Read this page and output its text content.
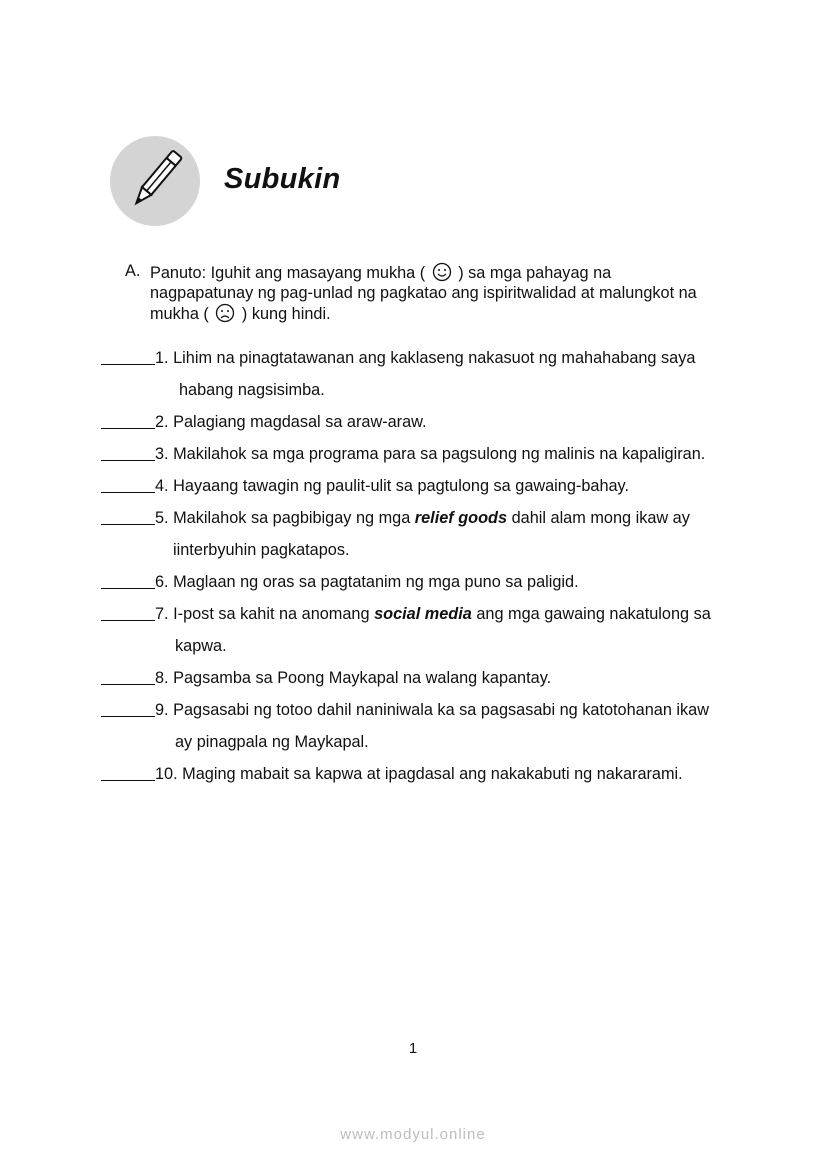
Subukin
A. Panuto: Iguhit ang masayang mukha ( ) sa mga pahayag na
nagpapatunay ng pag-unlad ng pagkatao ang ispiritwalidad at malungkot na
mukha ( ) kung hindi.
1. Lihim na pinagtatawanan ang kaklaseng nakasuot ng mahahabang saya
habang nagsisimba.
2. Palagiang magdasal sa araw-araw.
3. Makilahok sa mga programa para sa pagsulong ng malinis na kapaligiran.
4. Hayaang tawagin ng paulit-ulit sa pagtulong sa gawaing-bahay.
5. Makilahok sa pagbibigay ng mga relief goods dahil alam mong ikaw ay
iinterbyuhin pagkatapos.
6. Maglaan ng oras sa pagtatanim ng mga puno sa paligid.
7. I-post sa kahit na anomang social media ang mga gawaing nakatulong sa
kapwa.
8. Pagsamba sa Poong Maykapal na walang kapantay.
9. Pagsasabi ng totoo dahil naniniwala ka sa pagsasabi ng katotohanan ikaw
ay pinagpala ng Maykapal.
10. Maging mabait sa kapwa at ipagdasal ang nakakabuti ng nakararami.
1
www.modyul.online
